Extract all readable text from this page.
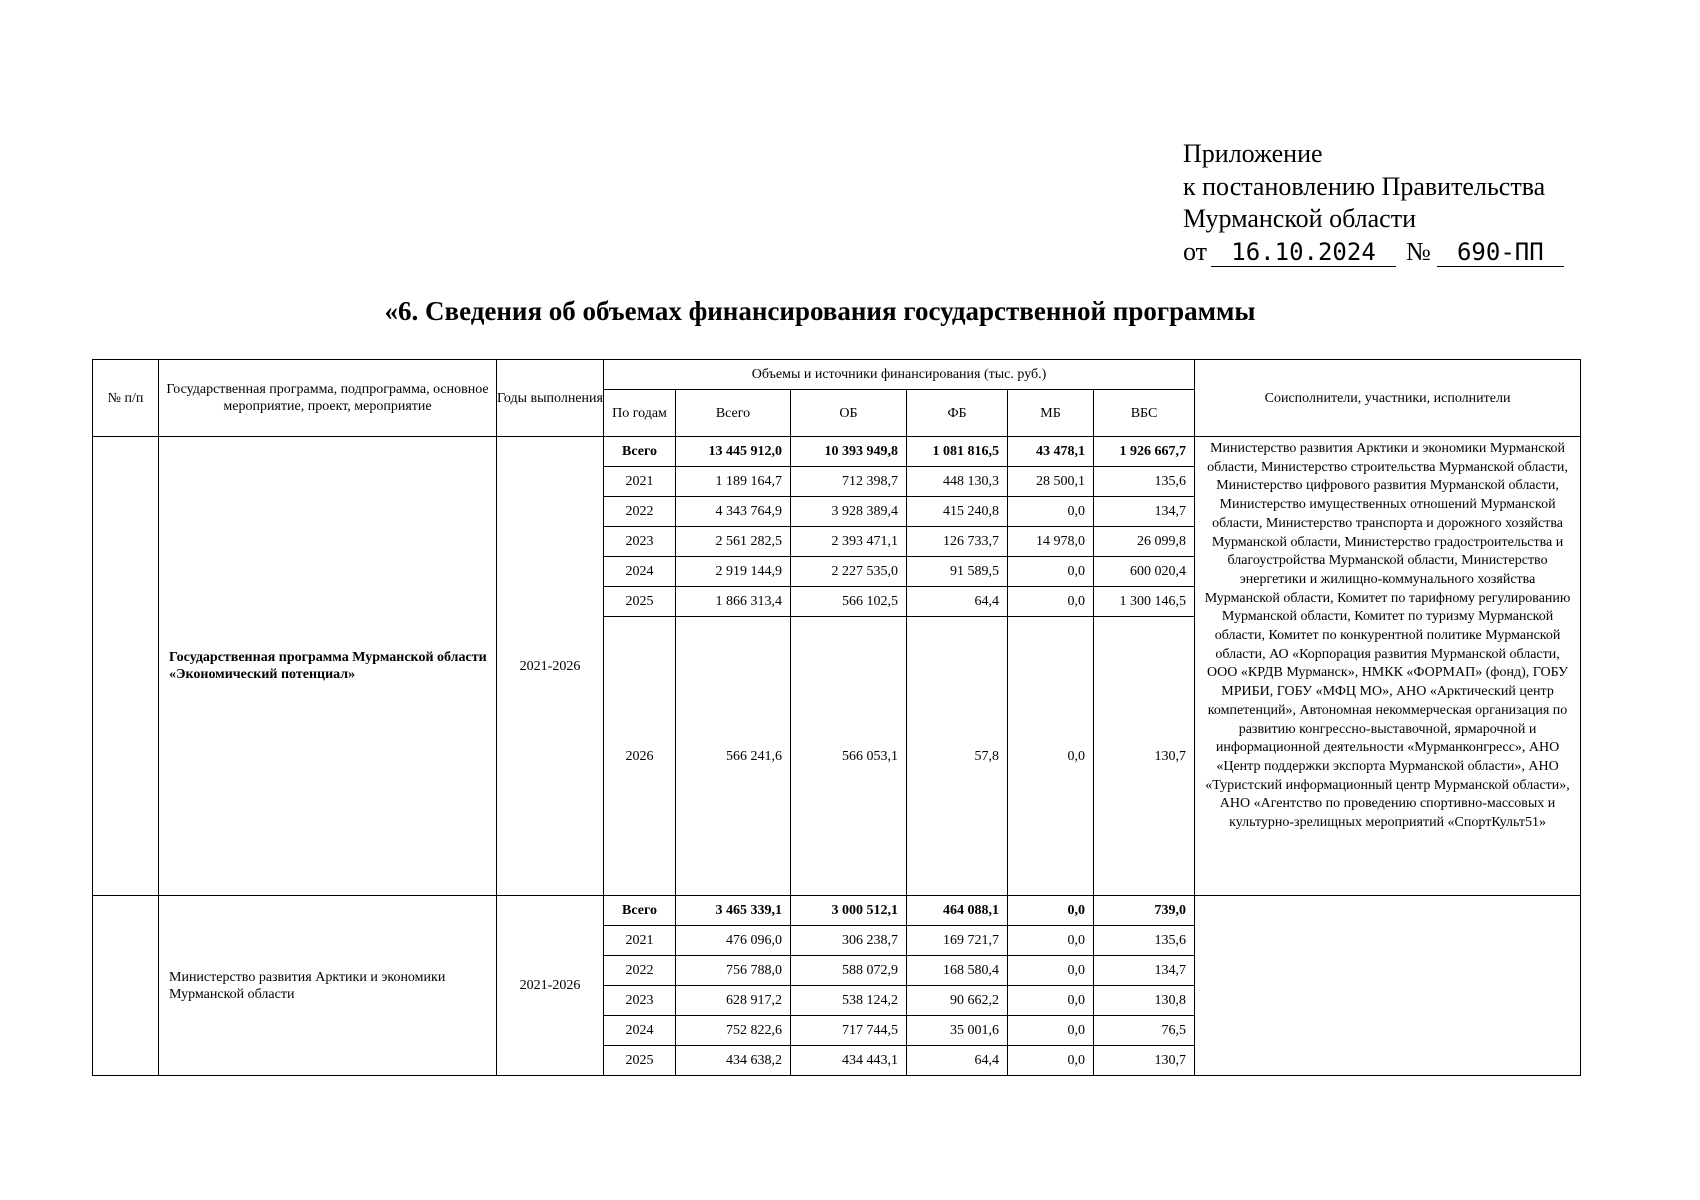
Приложение
к постановлению Правительства
Мурманской области
от 16.10.2024 № 690-ПП
«6. Сведения об объемах финансирования государственной программы
№ п/п	Государственная программа, подпрограмма, основное мероприятие, проект, мероприятие	Годы выполнения	Объемы и источники финансирования (тыс. руб.)						Соисполнители, участники, исполнители
			По годам	Всего	ОБ	ФБ	МБ	ВБС	
	Государственная программа Мурманской области «Экономический потенциал»	2021-2026	Всего	13 445 912,0	10 393 949,8	1 081 816,5	43 478,1	1 926 667,7	Министерство развития Арктики и экономики Мурманской области, Министерство строительства Мурманской области, Министерство цифрового развития Мурманской области, Министерство имущественных отношений Мурманской области, Министерство транспорта и дорожного хозяйства Мурманской области, Министерство градостроительства и благоустройства Мурманской области, Министерство энергетики и жилищно-коммунального хозяйства Мурманской области, Комитет по тарифному регулированию Мурманской области, Комитет по туризму Мурманской области, Комитет по конкурентной политике Мурманской области, АО «Корпорация развития Мурманской области, ООО «КРДВ Мурманск», НМКК «ФОРМАП» (фонд), ГОБУ МРИБИ, ГОБУ «МФЦ МО», АНО «Арктический центр компетенций», Автономная некоммерческая организация по развитию конгрессно-выставочной, ярмарочной и информационной деятельности «Мурманконгресс», АНО «Центр поддержки экспорта Мурманской области», АНО «Туристский информационный центр Мурманской области», АНО «Агентство по проведению спортивно-массовых и культурно-зрелищных мероприятий «СпортКульт51»
			2021	1 189 164,7	712 398,7	448 130,3	28 500,1	135,6	
			2022	4 343 764,9	3 928 389,4	415 240,8	0,0	134,7	
			2023	2 561 282,5	2 393 471,1	126 733,7	14 978,0	26 099,8	
			2024	2 919 144,9	2 227 535,0	91 589,5	0,0	600 020,4	
			2025	1 866 313,4	566 102,5	64,4	0,0	1 300 146,5	
			2026	566 241,6	566 053,1	57,8	0,0	130,7	
	Министерство развития Арктики и экономики Мурманской области	2021-2026	Всего	3 465 339,1	3 000 512,1	464 088,1	0,0	739,0	
			2021	476 096,0	306 238,7	169 721,7	0,0	135,6	
			2022	756 788,0	588 072,9	168 580,4	0,0	134,7	
			2023	628 917,2	538 124,2	90 662,2	0,0	130,8	
			2024	752 822,6	717 744,5	35 001,6	0,0	76,5	
			2025	434 638,2	434 443,1	64,4	0,0	130,7	
